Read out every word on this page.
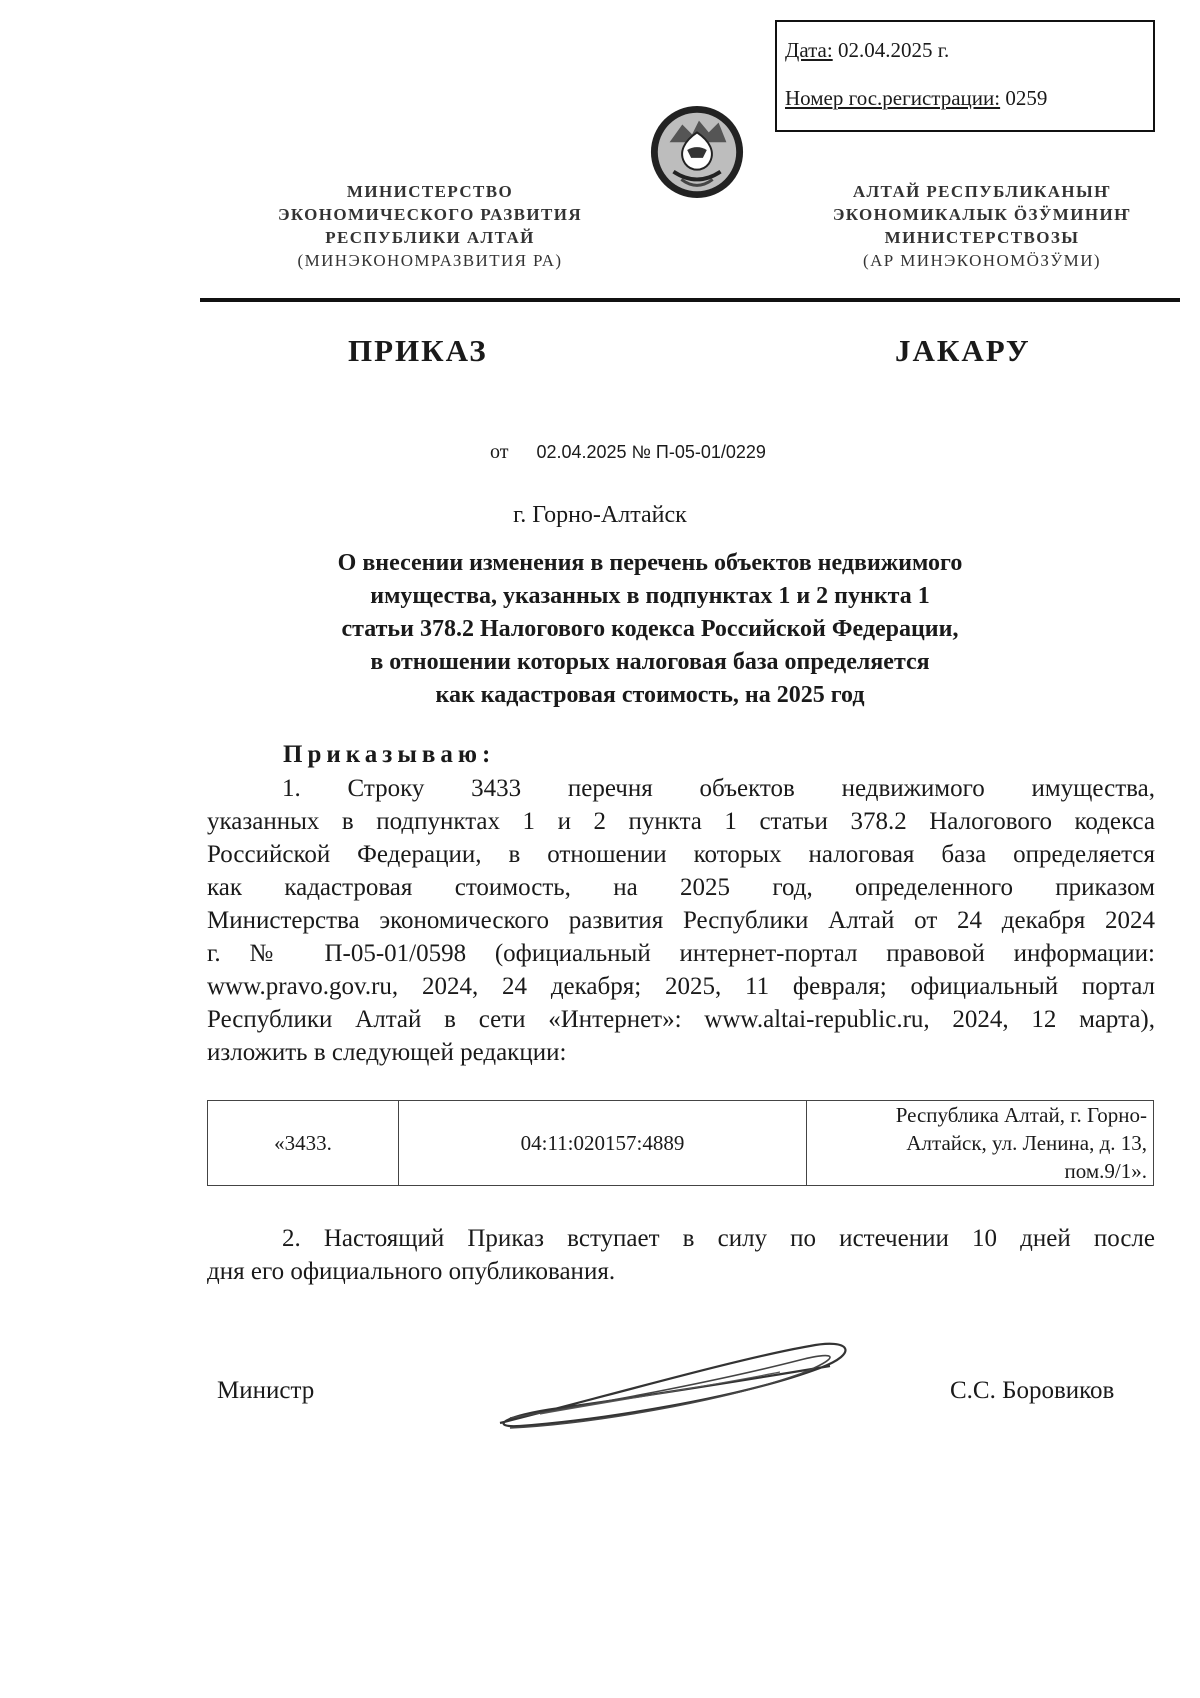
Дата: 02.04.2025 г.
Номер гос.регистрации: 0259
МИНИСТЕРСТВО
ЭКОНОМИЧЕСКОГО РАЗВИТИЯ
РЕСПУБЛИКИ АЛТАЙ
(МИНЭКОНОМРАЗВИТИЯ РА)
АЛТАЙ РЕСПУБЛИКАНЫҤ
ЭКОНОМИКАЛЫК ӦЗӰМИНИҤ
МИНИСТЕРСТВОЗЫ
(АР МИНЭКОНОМӦЗӰМИ)
ПРИКАЗ	JАКАРУ
от 02.04.2025 № П-05-01/0229
г. Горно-Алтайск
О внесении изменения в перечень объектов недвижимого
имущества, указанных в подпунктах 1 и 2 пункта 1
статьи 378.2 Налогового кодекса Российской Федерации,
в отношении которых налоговая база определяется
как кадастровая стоимость, на 2025 год
Приказываю:
1. Строку 3433 перечня объектов недвижимого имущества,
указанных в подпунктах 1 и 2 пункта 1 статьи 378.2 Налогового кодекса
Российской Федерации, в отношении которых налоговая база определяется
как кадастровая стоимость, на 2025 год, определенного приказом
Министерства экономического развития Республики Алтай от 24 декабря 2024
г. № П-05-01/0598 (официальный интернет-портал правовой информации:
www.pravo.gov.ru, 2024, 24 декабря; 2025, 11 февраля; официальный портал
Республики Алтай в сети «Интернет»: www.altai-republic.ru, 2024, 12 марта),
изложить в следующей редакции:
«3433.	04:11:020157:4889	
Республика Алтай, г. Горно-
Алтайск, ул. Ленина, д. 13,
пом.9/1».
2. Настоящий Приказ вступает в силу по истечении 10 дней после
дня его официального опубликования.
Министр	С.С. Боровиков
